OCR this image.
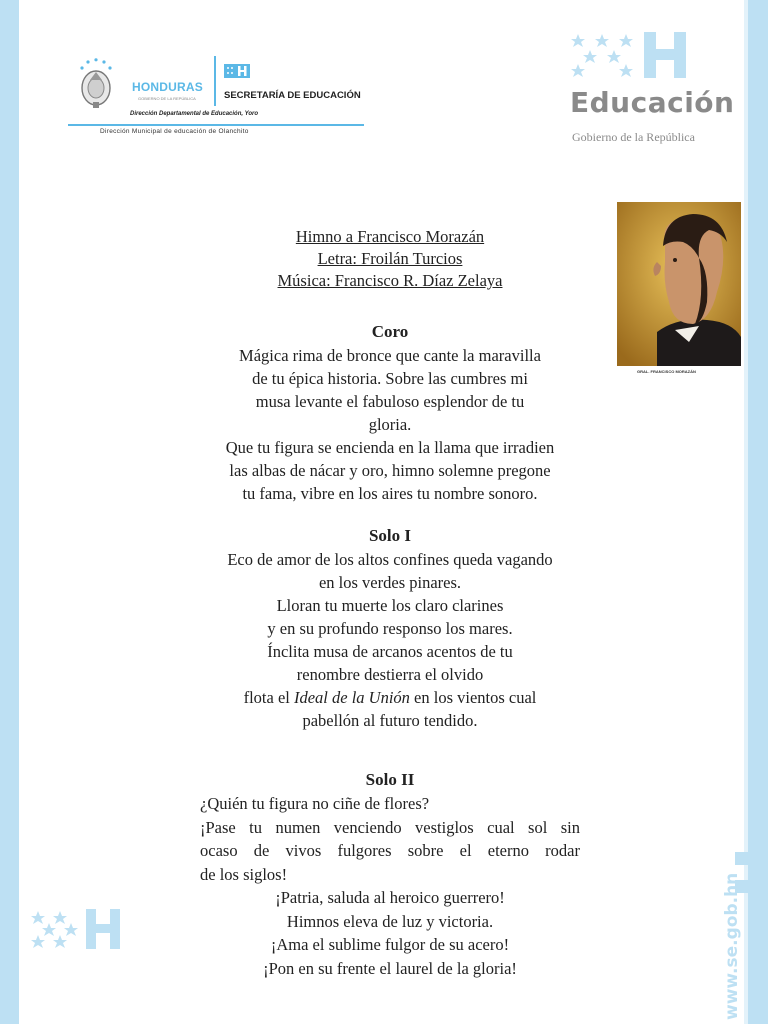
HONDURAS
GOBIERNO DE LA REPÚBLICA	SECRETARÍA DE EDUCACIÓN
Dirección Departamental de Educación, Yoro
Dirección Municipal de educación de Olanchito
Educación
Gobierno de la República
GRAL. FRANCISCO MORAZÁN
Himno a Francisco Morazán
Letra: Froilán Turcios
Música: Francisco R. Díaz Zelaya
Coro
Mágica rima de bronce que cante la maravilla
de tu épica historia. Sobre las cumbres mi
musa levante el fabuloso esplendor de tu
gloria.
Que tu figura se encienda en la llama que irradien
las albas de nácar y oro, himno solemne pregone
tu fama, vibre en los aires tu nombre sonoro.
Solo I
Eco de amor de los altos confines queda vagando
en los verdes pinares.
Lloran tu muerte los claro clarines
y en su profundo responso los mares.
Ínclita musa de arcanos acentos de tu
renombre destierra el olvido
flota el Ideal de la Unión en los vientos cual
pabellón al futuro tendido.
Solo II
¿Quién tu figura no ciñe de flores?
¡Pase tu numen venciendo vestiglos cual sol sin
ocaso de vivos fulgores sobre el eterno rodar
de los siglos!
¡Patria, saluda al heroico guerrero!
Himnos eleva de luz y victoria.
¡Ama el sublime fulgor de su acero!
¡Pon en su frente el laurel de la gloria!	www.se.gob.hn
